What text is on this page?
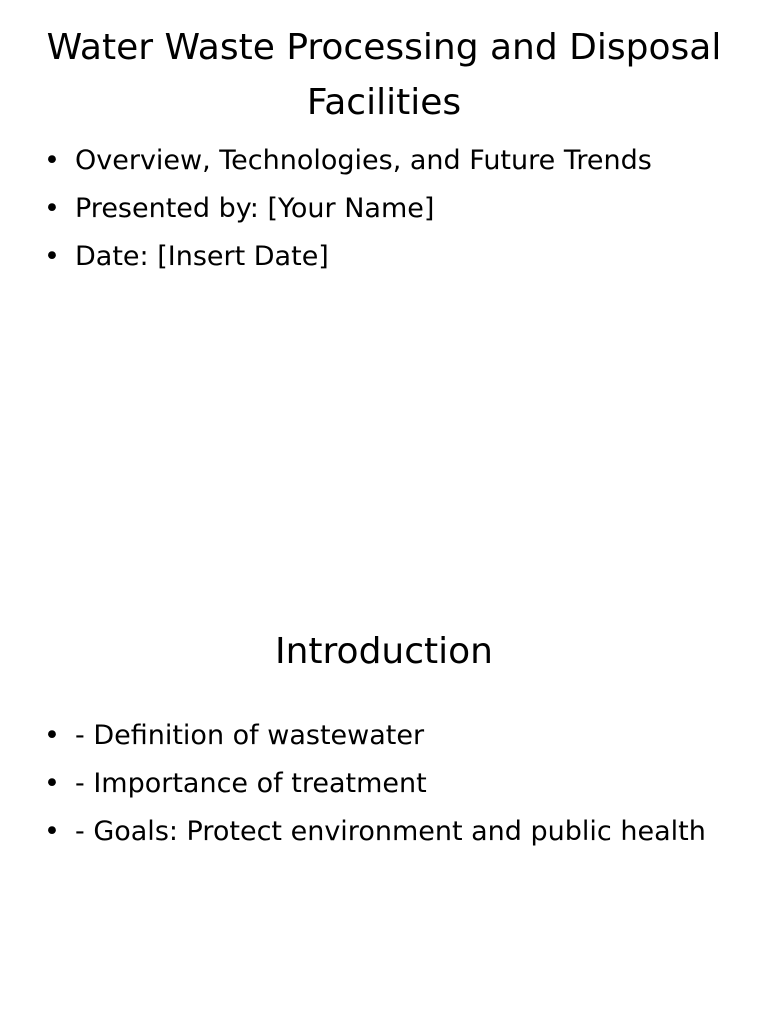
Water Waste Processing and Disposal Facilities
• Overview, Technologies, and Future Trends
• Presented by: [Your Name]
• Date: [Insert Date]
Introduction
• - Definition of wastewater
• - Importance of treatment
• - Goals: Protect environment and public health
